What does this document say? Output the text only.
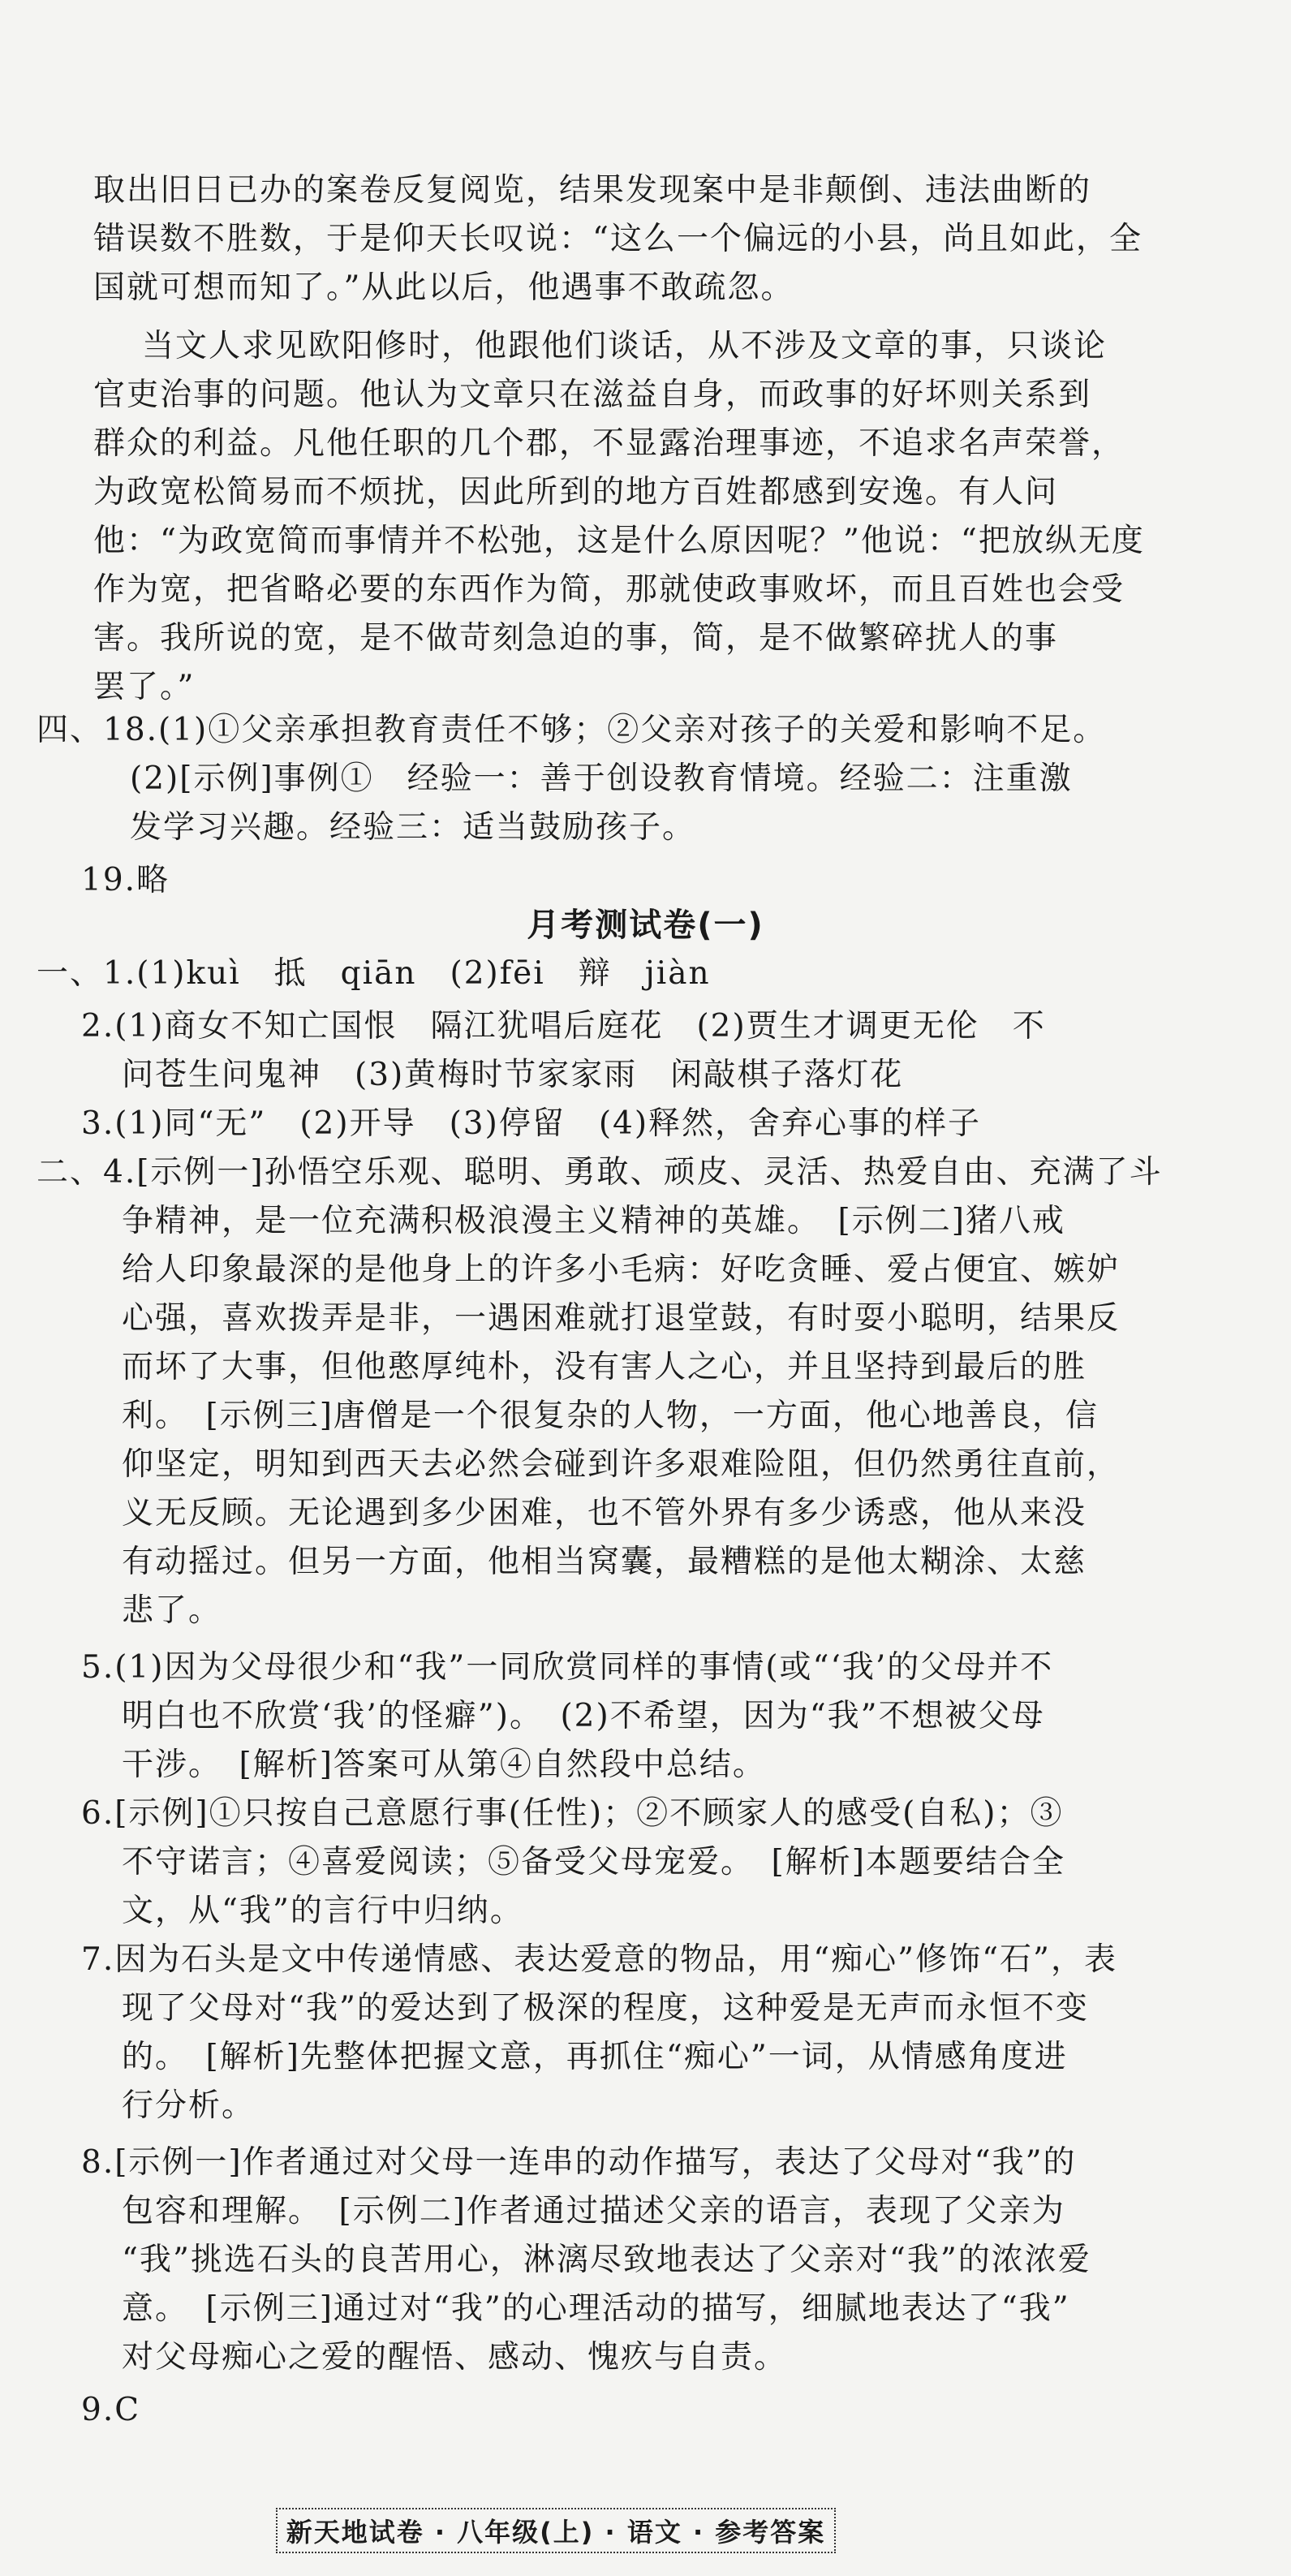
取出旧日已办的案卷反复阅览，结果发现案中是非颠倒、违法曲断的
错误数不胜数，于是仰天长叹说：“这么一个偏远的小县，尚且如此，全
国就可想而知了。”从此以后，他遇事不敢疏忽。
当文人求见欧阳修时，他跟他们谈话，从不涉及文章的事，只谈论
官吏治事的问题。他认为文章只在滋益自身，而政事的好坏则关系到
群众的利益。凡他任职的几个郡，不显露治理事迹，不追求名声荣誉，
为政宽松简易而不烦扰，因此所到的地方百姓都感到安逸。有人问
他：“为政宽简而事情并不松弛，这是什么原因呢？”他说：“把放纵无度
作为宽，把省略必要的东西作为简，那就使政事败坏，而且百姓也会受
害。我所说的宽，是不做苛刻急迫的事，简，是不做繁碎扰人的事
罢了。”
四、18.(1)①父亲承担教育责任不够；②父亲对孩子的关爱和影响不足。
(2)[示例]事例①　经验一：善于创设教育情境。经验二：注重激
发学习兴趣。经验三：适当鼓励孩子。
19.略
一、1.(1)kuì　抵　qiān　(2)fēi　辩　jiàn
2.(1)商女不知亡国恨　隔江犹唱后庭花　(2)贾生才调更无伦　不
问苍生问鬼神　(3)黄梅时节家家雨　闲敲棋子落灯花
3.(1)同“无”　(2)开导　(3)停留　(4)释然，舍弃心事的样子
二、4.[示例一]孙悟空乐观、聪明、勇敢、顽皮、灵活、热爱自由、充满了斗
争精神，是一位充满积极浪漫主义精神的英雄。　[示例二]猪八戒
给人印象最深的是他身上的许多小毛病：好吃贪睡、爱占便宜、嫉妒
心强，喜欢拨弄是非，一遇困难就打退堂鼓，有时耍小聪明，结果反
而坏了大事，但他憨厚纯朴，没有害人之心，并且坚持到最后的胜
利。　[示例三]唐僧是一个很复杂的人物，一方面，他心地善良，信
仰坚定，明知到西天去必然会碰到许多艰难险阻，但仍然勇往直前，
义无反顾。无论遇到多少困难，也不管外界有多少诱惑，他从来没
有动摇过。但另一方面，他相当窝囊，最糟糕的是他太糊涂、太慈
悲了。
5.(1)因为父母很少和“我”一同欣赏同样的事情(或“‘我’的父母并不
明白也不欣赏‘我’的怪癖”)。　(2)不希望，因为“我”不想被父母
干涉。　[解析]答案可从第④自然段中总结。
6.[示例]①只按自己意愿行事(任性)；②不顾家人的感受(自私)；③
不守诺言；④喜爱阅读；⑤备受父母宠爱。　[解析]本题要结合全
文，从“我”的言行中归纳。
7.因为石头是文中传递情感、表达爱意的物品，用“痴心”修饰“石”，表
现了父母对“我”的爱达到了极深的程度，这种爱是无声而永恒不变
的。　[解析]先整体把握文意，再抓住“痴心”一词，从情感角度进
行分析。
8.[示例一]作者通过对父母一连串的动作描写，表达了父母对“我”的
包容和理解。　[示例二]作者通过描述父亲的语言，表现了父亲为
“我”挑选石头的良苦用心，淋漓尽致地表达了父亲对“我”的浓浓爱
意。　[示例三]通过对“我”的心理活动的描写，细腻地表达了“我”
对父母痴心之爱的醒悟、感动、愧疚与自责。
9.C
月考测试卷(一)
新天地试卷 · 八年级(上) · 语文 · 参考答案
